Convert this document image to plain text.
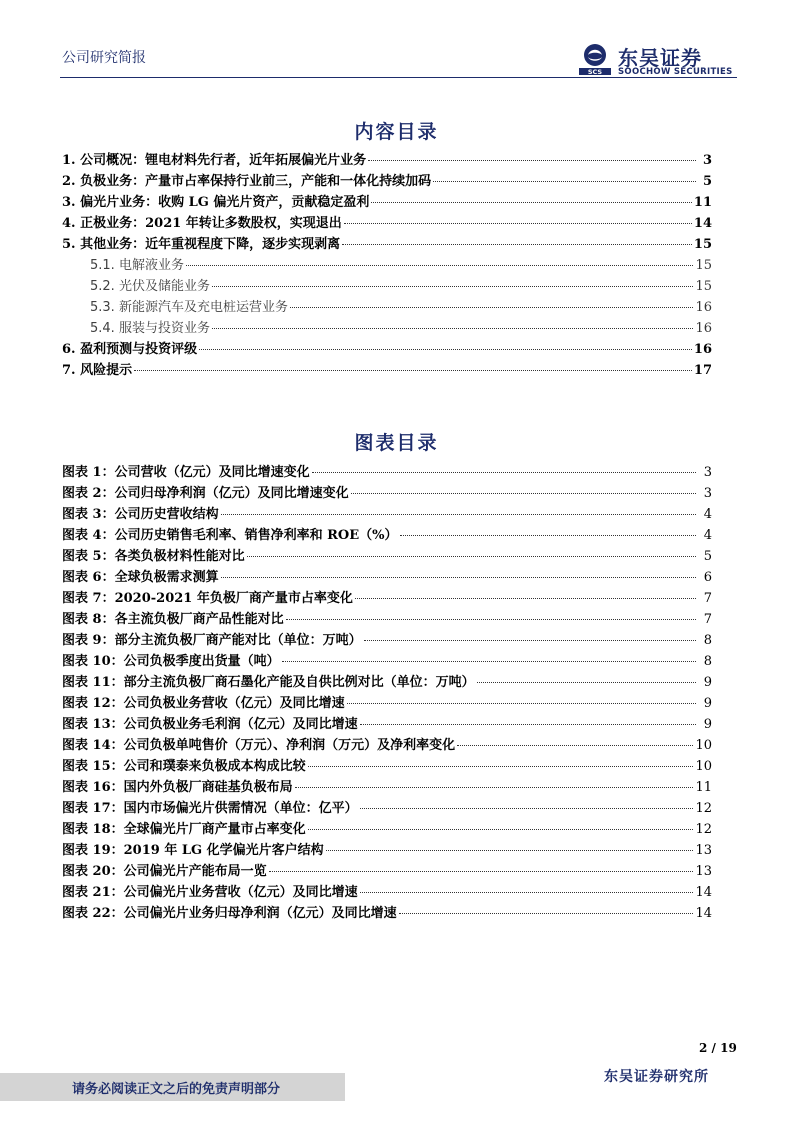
公司研究简报
SCS
东吴证券
SOOCHOW SECURITIES
内容目录
1. 公司概况：锂电材料先行者，近年拓展偏光片业务	3
2. 负极业务：产量市占率保持行业前三，产能和一体化持续加码	5
3. 偏光片业务：收购 LG 偏光片资产，贡献稳定盈利	11
4. 正极业务：2021 年转让多数股权，实现退出	14
5. 其他业务：近年重视程度下降，逐步实现剥离	15
5.1. 电解液业务	15
5.2. 光伏及储能业务	15
5.3. 新能源汽车及充电桩运营业务	16
5.4. 服装与投资业务	16
6. 盈利预测与投资评级	16
7. 风险提示	17
图表目录
图表 1：公司营收（亿元）及同比增速变化	3
图表 2：公司归母净利润（亿元）及同比增速变化	3
图表 3：公司历史营收结构	4
图表 4：公司历史销售毛利率、销售净利率和 ROE（%）	4
图表 5：各类负极材料性能对比	5
图表 6：全球负极需求测算	6
图表 7：2020-2021 年负极厂商产量市占率变化	7
图表 8：各主流负极厂商产品性能对比	7
图表 9：部分主流负极厂商产能对比（单位：万吨）	8
图表 10：公司负极季度出货量（吨）	8
图表 11：部分主流负极厂商石墨化产能及自供比例对比（单位：万吨）	9
图表 12：公司负极业务营收（亿元）及同比增速	9
图表 13：公司负极业务毛利润（亿元）及同比增速	9
图表 14：公司负极单吨售价（万元）、净利润（万元）及净利率变化	10
图表 15：公司和璞泰来负极成本构成比较	10
图表 16：国内外负极厂商硅基负极布局	11
图表 17：国内市场偏光片供需情况（单位：亿平）	12
图表 18：全球偏光片厂商产量市占率变化	12
图表 19：2019 年 LG 化学偏光片客户结构	13
图表 20：公司偏光片产能布局一览	13
图表 21：公司偏光片业务营收（亿元）及同比增速	14
图表 22：公司偏光片业务归母净利润（亿元）及同比增速	14
2 / 19
请务必阅读正文之后的免责声明部分
东吴证券研究所
